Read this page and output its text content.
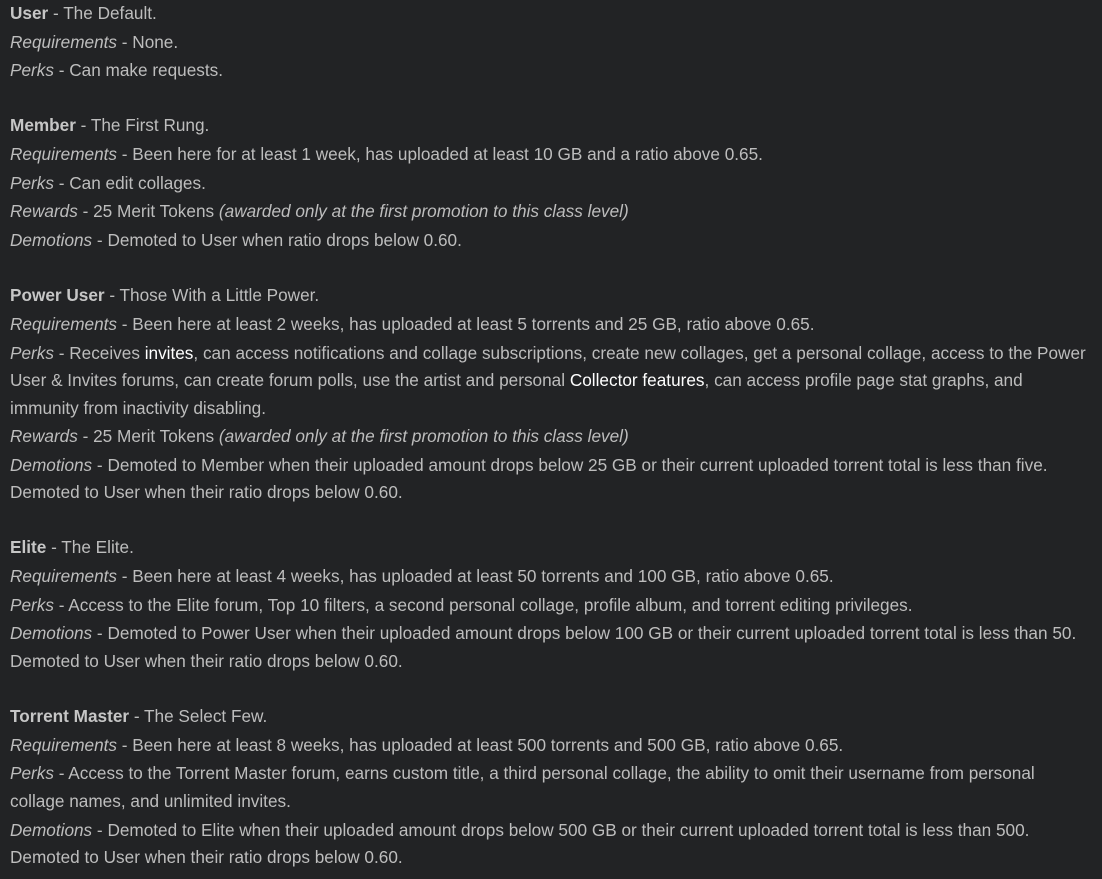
User - The Default.
Requirements - None.
Perks - Can make requests.
Member - The First Rung.
Requirements - Been here for at least 1 week, has uploaded at least 10 GB and a ratio above 0.65.
Perks - Can edit collages.
Rewards - 25 Merit Tokens (awarded only at the first promotion to this class level)
Demotions - Demoted to User when ratio drops below 0.60.
Power User - Those With a Little Power.
Requirements - Been here at least 2 weeks, has uploaded at least 5 torrents and 25 GB, ratio above 0.65.
Perks - Receives invites, can access notifications and collage subscriptions, create new collages, get a personal collage, access to the Power User & Invites forums, can create forum polls, use the artist and personal Collector features, can access profile page stat graphs, and immunity from inactivity disabling.
Rewards - 25 Merit Tokens (awarded only at the first promotion to this class level)
Demotions - Demoted to Member when their uploaded amount drops below 25 GB or their current uploaded torrent total is less than five. Demoted to User when their ratio drops below 0.60.
Elite - The Elite.
Requirements - Been here at least 4 weeks, has uploaded at least 50 torrents and 100 GB, ratio above 0.65.
Perks - Access to the Elite forum, Top 10 filters, a second personal collage, profile album, and torrent editing privileges.
Demotions - Demoted to Power User when their uploaded amount drops below 100 GB or their current uploaded torrent total is less than 50. Demoted to User when their ratio drops below 0.60.
Torrent Master - The Select Few.
Requirements - Been here at least 8 weeks, has uploaded at least 500 torrents and 500 GB, ratio above 0.65.
Perks - Access to the Torrent Master forum, earns custom title, a third personal collage, the ability to omit their username from personal collage names, and unlimited invites.
Demotions - Demoted to Elite when their uploaded amount drops below 500 GB or their current uploaded torrent total is less than 500. Demoted to User when their ratio drops below 0.60.
